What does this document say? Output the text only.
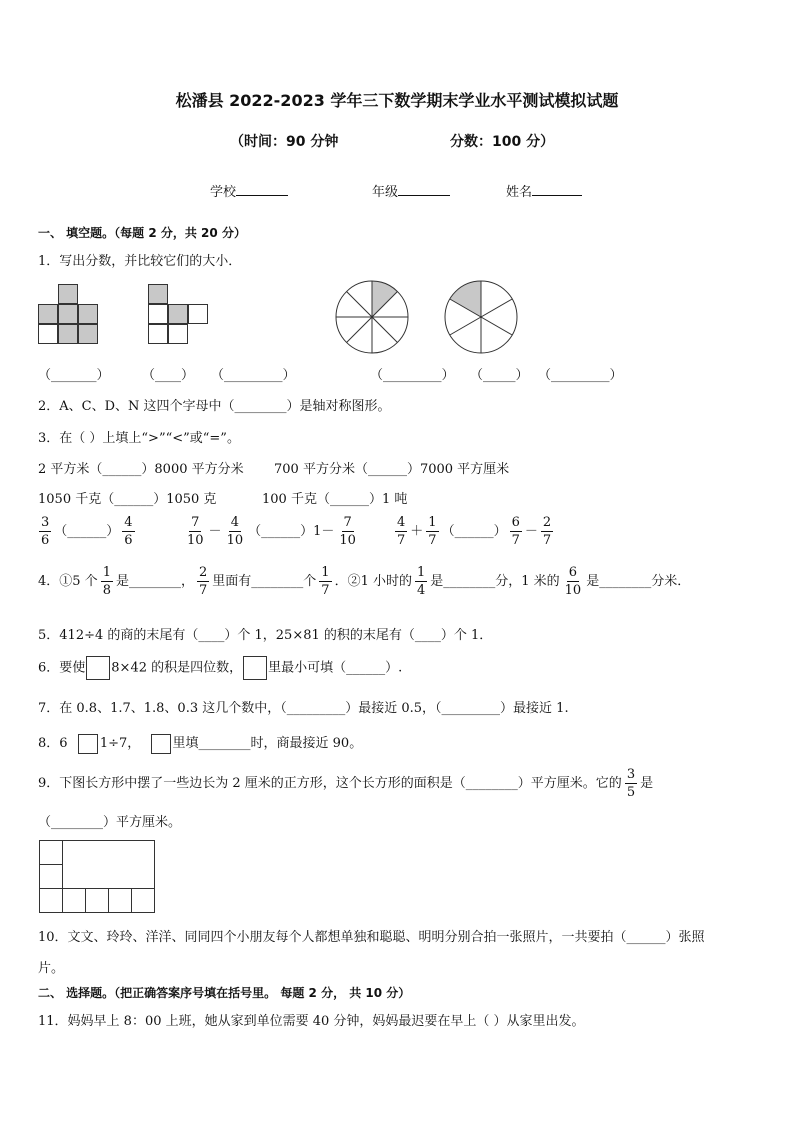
松潘县 2022-2023 学年三下数学期末学业水平测试模拟试题
（时间：90 分钟	分数：100 分）
学校	年级	姓名
一、 填空题。（每题 2 分，共 20 分）
1．写出分数，并比较它们的大小．
（_______） （____） （_________）	（_________） （_____） （_________）
2．A、C、D、N 这四个字母中（________）是轴对称图形。
3．在（ ）上填上“>”“<”或“=”。
2 平方米（______）8000 平方分米 700 平方分米（______）7000 平方厘米
1050 千克（______）1050 克	100 千克（______）1 吨
$\frac{3}{6}$ （______） $\frac{4}{6}$	$\frac{7}{10} - \frac{4}{10}$ （______）1－ $\frac{7}{10}$	$\frac{4}{7} + \frac{1}{7}$ （______） $\frac{6}{7} - \frac{2}{7}$
4．①5 个 $\frac{1}{8}$ 是________， $\frac{2}{7}$ 里面有________个 $\frac{1}{7}$ ．②1 小时的 $\frac{1}{4}$ 是________分，1 米的 $\frac{6}{10}$ 是________分米．
5．412÷4 的商的末尾有（____）个 1，25×81 的积的末尾有（____）个 1．
6．要使 8×42 的积是四位数， 里最小可填（______）.
7．在 0.8、1.7、1.8、0.3 这几个数中，（_________）最接近 0.5，（_________）最接近 1.
8．6 1÷7， 里填________时，商最接近 90。
9．下图长方形中摆了一些边长为 2 厘米的正方形，这个长方形的面积是（________）平方厘米。它的 $\frac{3}{5}$ 是
（________）平方厘米。
10．文文、玲玲、洋洋、同同四个小朋友每个人都想单独和聪聪、明明分别合拍一张照片，一共要拍（______）张照
片。
二、 选择题。（把正确答案序号填在括号里。 每题 2 分， 共 10 分）
11．妈妈早上 8：00 上班，她从家到单位需要 40 分钟，妈妈最迟要在早上（ ）从家里出发。
